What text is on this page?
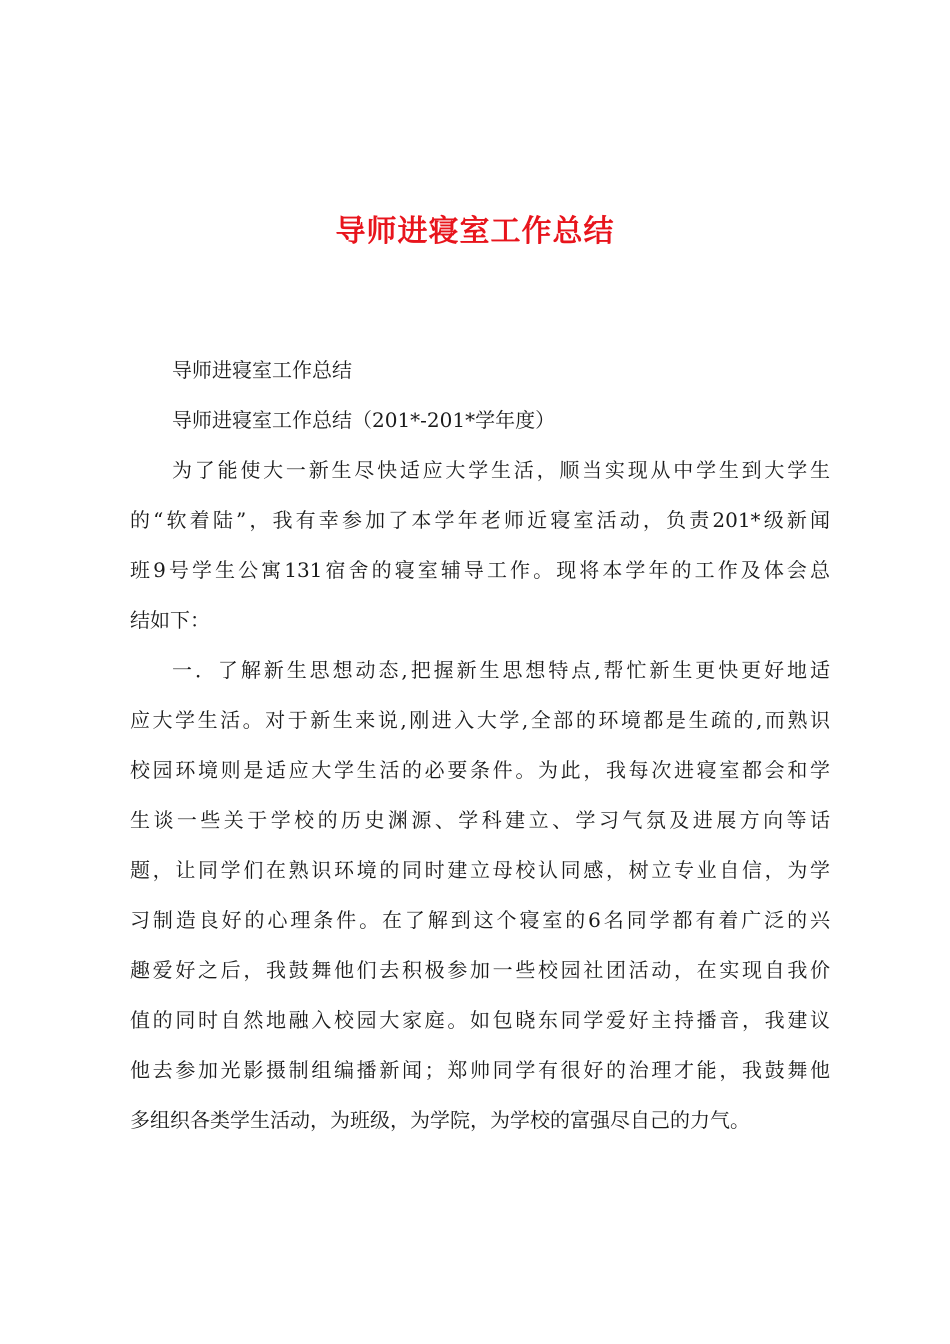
导师进寝室工作总结
导师进寝室工作总结
导师进寝室工作总结（201*-201*学年度）
为了能使大一新生尽快适应大学生活，顺当实现从中学生到大学生
的“软着陆”，我有幸参加了本学年老师近寝室活动，负责201*级新闻
班9号学生公寓131宿舍的寝室辅导工作。现将本学年的工作及体会总
结如下：
一．了解新生思想动态,把握新生思想特点,帮忙新生更快更好地适
应大学生活。对于新生来说,刚进入大学,全部的环境都是生疏的,而熟识
校园环境则是适应大学生活的必要条件。为此，我每次进寝室都会和学
生谈一些关于学校的历史渊源、学科建立、学习气氛及进展方向等话
题，让同学们在熟识环境的同时建立母校认同感，树立专业自信，为学
习制造良好的心理条件。在了解到这个寝室的6名同学都有着广泛的兴
趣爱好之后，我鼓舞他们去积极参加一些校园社团活动，在实现自我价
值的同时自然地融入校园大家庭。如包晓东同学爱好主持播音，我建议
他去参加光影摄制组编播新闻；郑帅同学有很好的治理才能，我鼓舞他
多组织各类学生活动，为班级，为学院，为学校的富强尽自己的力气。
